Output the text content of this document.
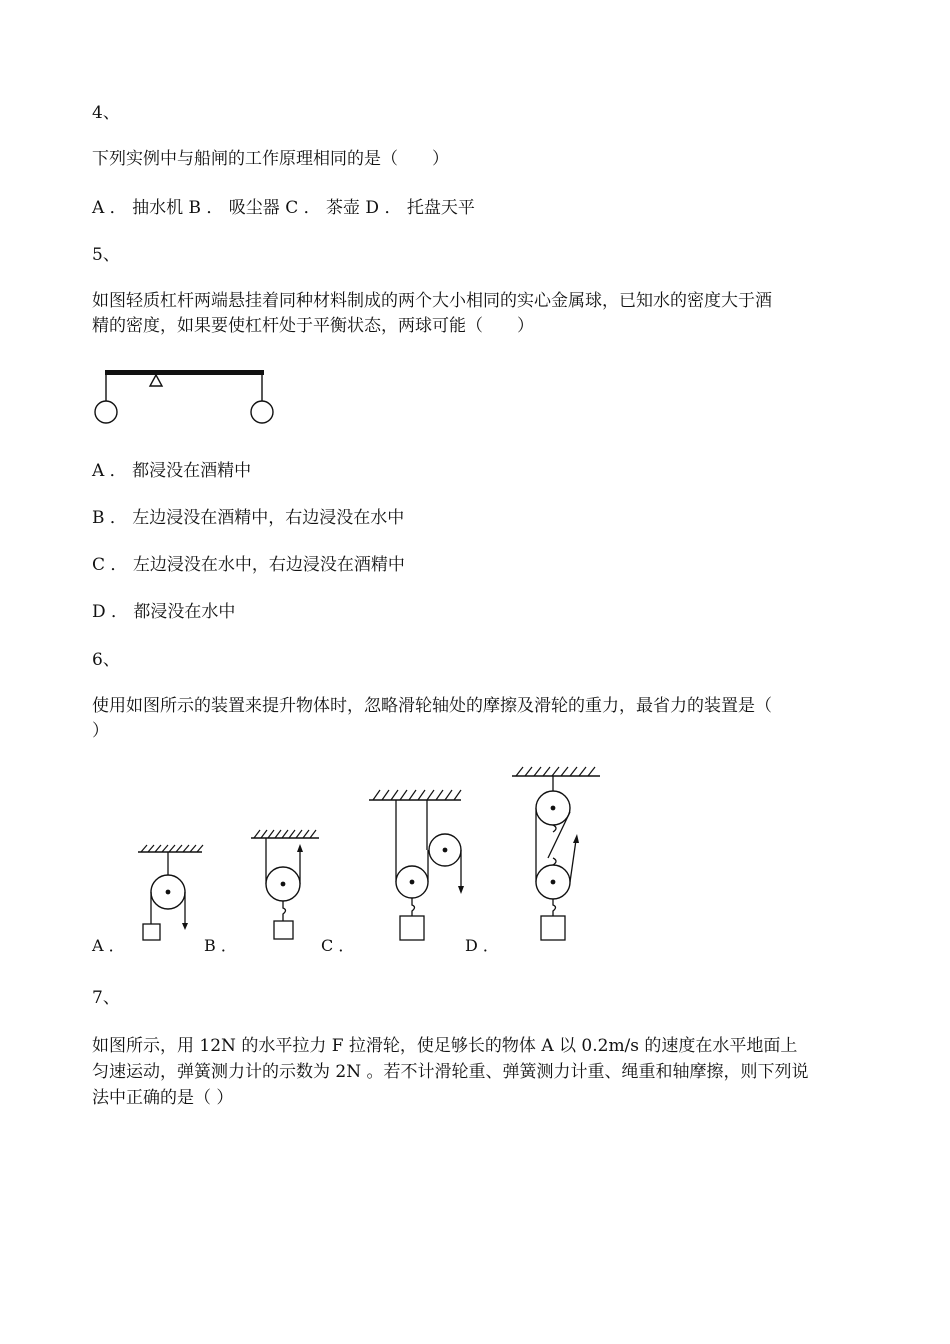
4、
下列实例中与船闸的工作原理相同的是（　　）
A ． 抽水机 B ． 吸尘器 C ． 茶壶 D ． 托盘天平
5、
如图轻质杠杆两端悬挂着同种材料制成的两个大小相同的实心金属球，已知水的密度大于酒
精的密度，如果要使杠杆处于平衡状态，两球可能（　　）
A ． 都浸没在酒精中
B ． 左边浸没在酒精中，右边浸没在水中
C ． 左边浸没在水中，右边浸没在酒精中
D ． 都浸没在水中
6、
使用如图所示的装置来提升物体时，忽略滑轮轴处的摩擦及滑轮的重力，最省力的装置是（
）
A ．	B ．	C ．	D ．
7、
如图所示，用 12N 的水平拉力 F 拉滑轮，使足够长的物体 A 以 0.2m/s 的速度在水平地面上
匀速运动，弹簧测力计的示数为 2N 。若不计滑轮重、弹簧测力计重、绳重和轴摩擦，则下列说
法中正确的是（ ）
